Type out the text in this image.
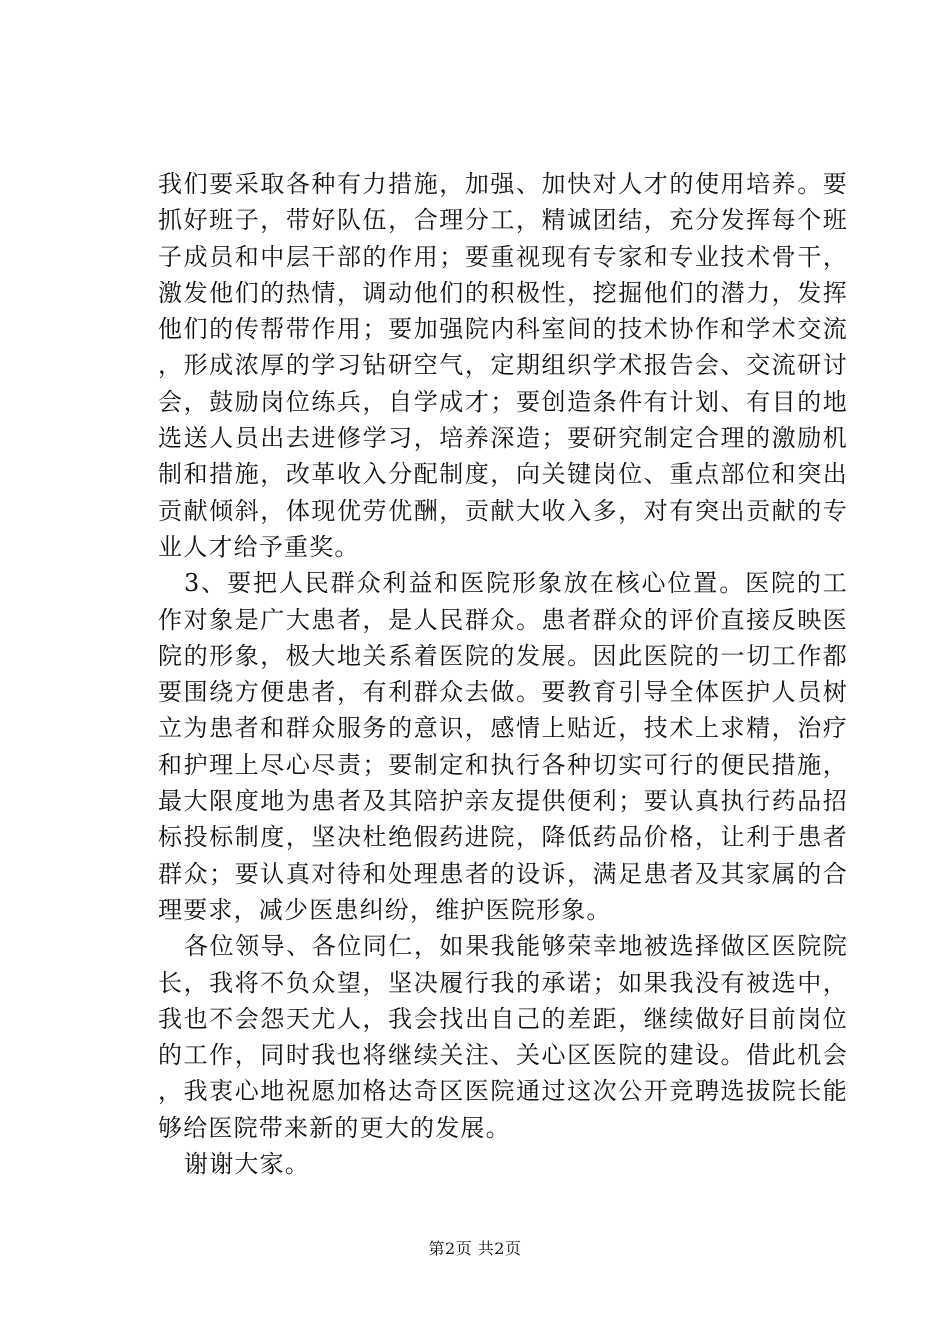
我们要采取各种有力措施，加强、加快对人才的使用培养。要抓好班子，带好队伍，合理分工，精诚团结，充分发挥每个班子成员和中层干部的作用；要重视现有专家和专业技术骨干，激发他们的热情，调动他们的积极性，挖掘他们的潜力，发挥他们的传帮带作用；要加强院内科室间的技术协作和学术交流，形成浓厚的学习钻研空气，定期组织学术报告会、交流研讨会，鼓励岗位练兵，自学成才；要创造条件有计划、有目的地选送人员出去进修学习，培养深造；要研究制定合理的激励机制和措施，改革收入分配制度，向关键岗位、重点部位和突出贡献倾斜，体现优劳优酬，贡献大收入多，对有突出贡献的专业人才给予重奖。

3、要把人民群众利益和医院形象放在核心位置。医院的工作对象是广大患者，是人民群众。患者群众的评价直接反映医院的形象，极大地关系着医院的发展。因此医院的一切工作都要围绕方便患者，有利群众去做。要教育引导全体医护人员树立为患者和群众服务的意识，感情上贴近，技术上求精，治疗和护理上尽心尽责；要制定和执行各种切实可行的便民措施，最大限度地为患者及其陪护亲友提供便利；要认真执行药品招标投标制度，坚决杜绝假药进院，降低药品价格，让利于患者群众；要认真对待和处理患者的设诉，满足患者及其家属的合理要求，减少医患纠纷，维护医院形象。

各位领导、各位同仁，如果我能够荣幸地被选择做区医院院长，我将不负众望，坚决履行我的承诺；如果我没有被选中，我也不会怨天尤人，我会找出自己的差距，继续做好目前岗位的工作，同时我也将继续关注、关心区医院的建设。借此机会，我衷心地祝愿加格达奇区医院通过这次公开竞聘选拔院长能够给医院带来新的更大的发展。

谢谢大家。

第2页 共2页
